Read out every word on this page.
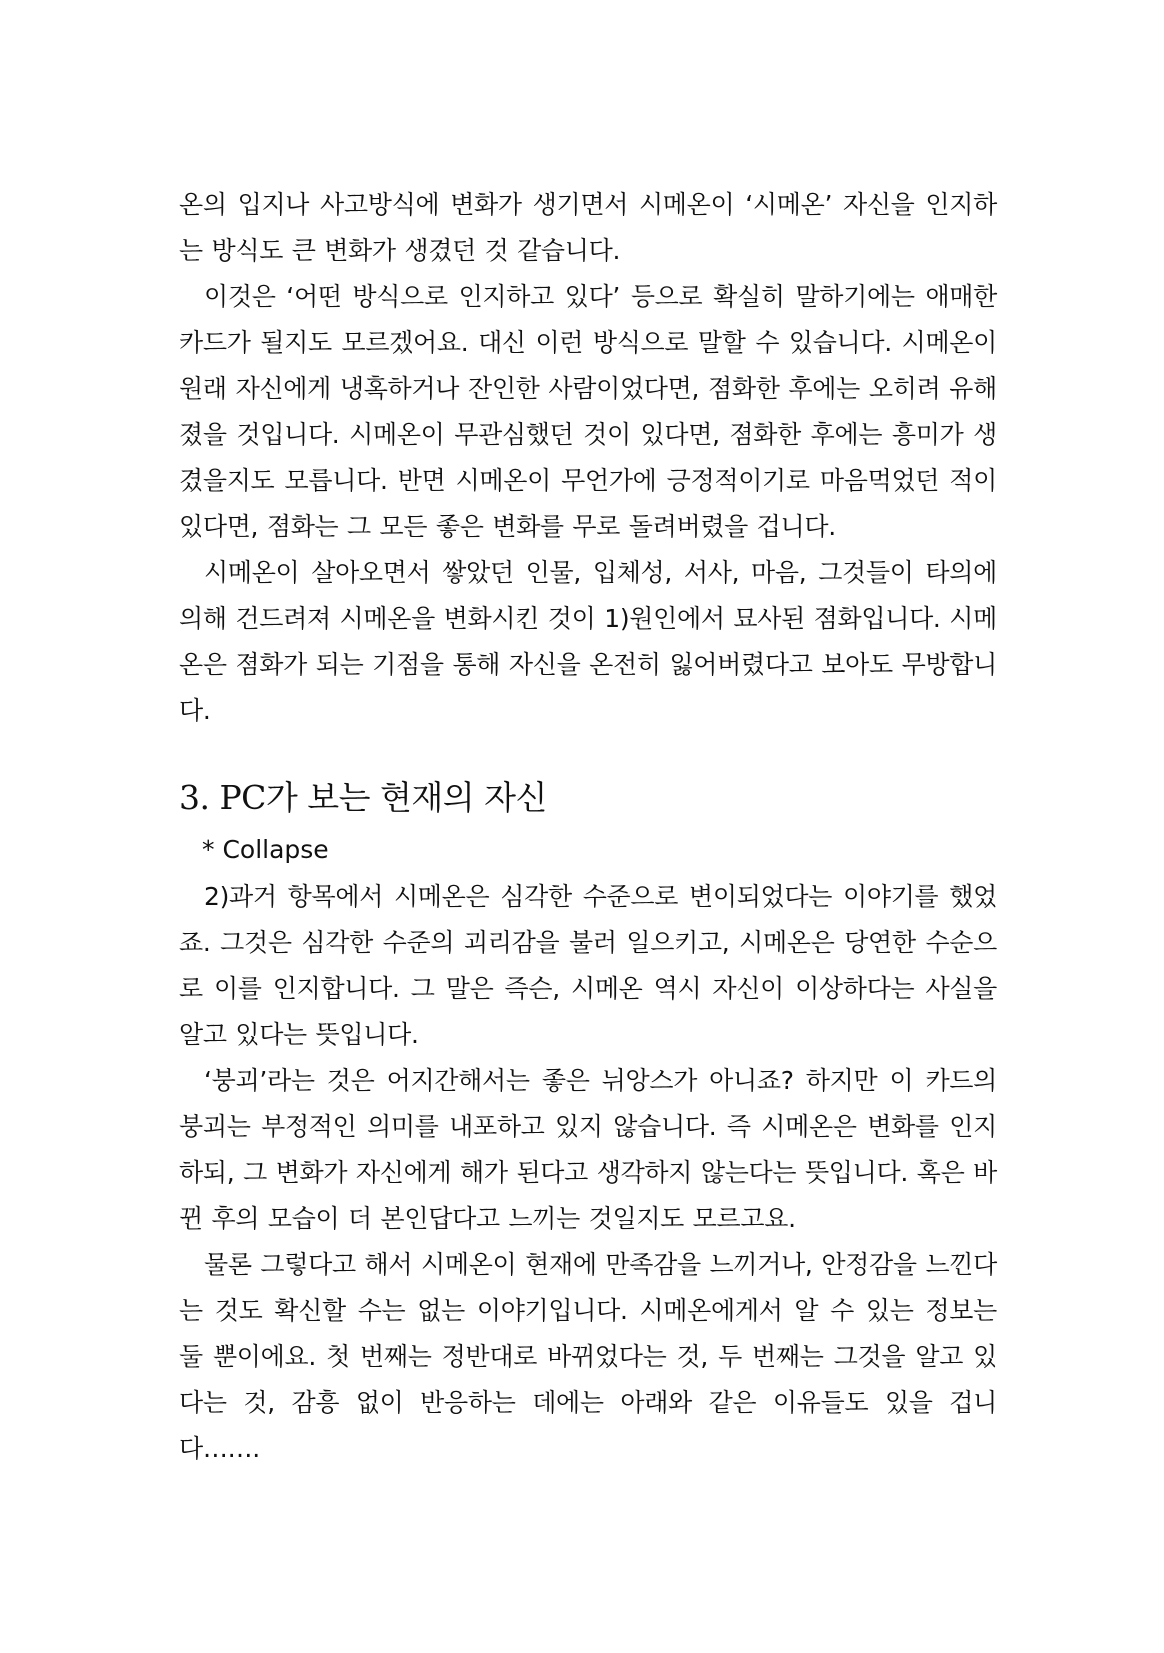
온의 입지나 사고방식에 변화가 생기면서 시메온이 ‘시메온’ 자신을 인지하는 방식도 큰 변화가 생겼던 것 같습니다.

이것은 ‘어떤 방식으로 인지하고 있다’ 등으로 확실히 말하기에는 애매한 카드가 될지도 모르겠어요. 대신 이런 방식으로 말할 수 있습니다. 시메온이 원래 자신에게 냉혹하거나 잔인한 사람이었다면, 졈화한 후에는 오히려 유해졌을 것입니다. 시메온이 무관심했던 것이 있다면, 졈화한 후에는 흥미가 생겼을지도 모릅니다. 반면 시메온이 무언가에 긍정적이기로 마음먹었던 적이 있다면, 졈화는 그 모든 좋은 변화를 무로 돌려버렸을 겁니다.

시메온이 살아오면서 쌓았던 인물, 입체성, 서사, 마음, 그것들이 타의에 의해 건드려져 시메온을 변화시킨 것이 1)원인에서 묘사된 졈화입니다. 시메온은 졈화가 되는 기점을 통해 자신을 온전히 잃어버렸다고 보아도 무방합니다.

3. PC가 보는 현재의 자신

* Collapse

2)과거 항목에서 시메온은 심각한 수준으로 변이되었다는 이야기를 했었죠. 그것은 심각한 수준의 괴리감을 불러 일으키고, 시메온은 당연한 수순으로 이를 인지합니다. 그 말은 즉슨, 시메온 역시 자신이 이상하다는 사실을 알고 있다는 뜻입니다.

‘붕괴’라는 것은 어지간해서는 좋은 뉘앙스가 아니죠? 하지만 이 카드의 붕괴는 부정적인 의미를 내포하고 있지 않습니다. 즉 시메온은 변화를 인지하되, 그 변화가 자신에게 해가 된다고 생각하지 않는다는 뜻입니다. 혹은 바뀐 후의 모습이 더 본인답다고 느끼는 것일지도 모르고요.

물론 그렇다고 해서 시메온이 현재에 만족감을 느끼거나, 안정감을 느낀다는 것도 확신할 수는 없는 이야기입니다. 시메온에게서 알 수 있는 정보는 둘 뿐이에요. 첫 번째는 정반대로 바뀌었다는 것, 두 번째는 그것을 알고 있다는 것, 감흥 없이 반응하는 데에는 아래와 같은 이유들도 있을 겁니다…….
